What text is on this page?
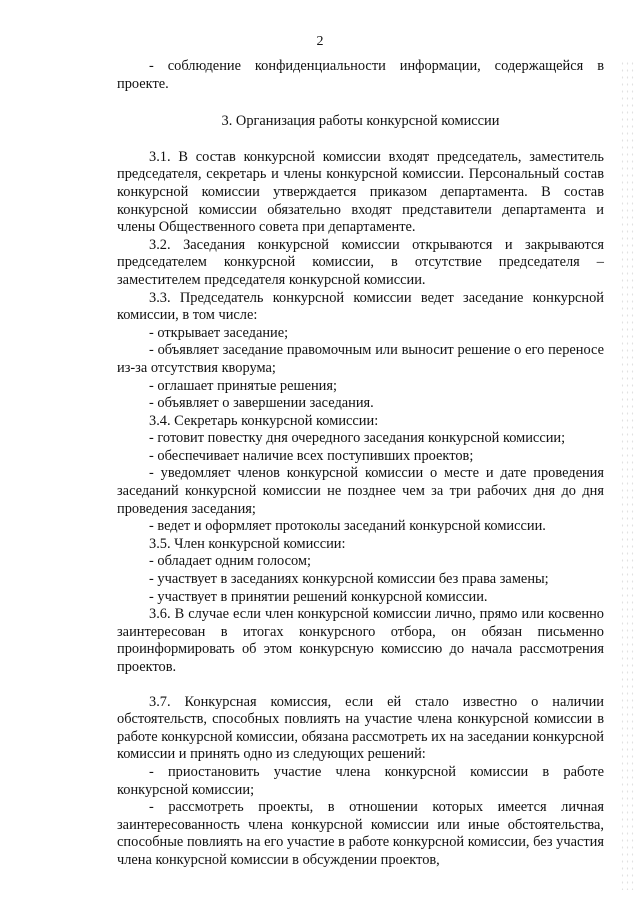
2

- соблюдение конфиденциальности информации, содержащейся в проекте.

3. Организация работы конкурсной комиссии

3.1. В состав конкурсной комиссии входят председатель, заместитель председателя, секретарь и члены конкурсной комиссии. Персональный состав конкурсной комиссии утверждается приказом департамента. В состав конкурсной комиссии обязательно входят представители департамента и члены Общественного совета при департаменте.

3.2. Заседания конкурсной комиссии открываются и закрываются председателем конкурсной комиссии, в отсутствие председателя – заместителем председателя конкурсной комиссии.

3.3. Председатель конкурсной комиссии ведет заседание конкурсной комиссии, в том числе:

- открывает заседание;

- объявляет заседание правомочным или выносит решение о его переносе из-за отсутствия кворума;

- оглашает принятые решения;

- объявляет о завершении заседания.

3.4. Секретарь конкурсной комиссии:

- готовит повестку дня очередного заседания конкурсной комиссии;

- обеспечивает наличие всех поступивших проектов;

- уведомляет членов конкурсной комиссии о месте и дате проведения заседаний конкурсной комиссии не позднее чем за три рабочих дня до дня проведения заседания;

- ведет и оформляет протоколы заседаний конкурсной комиссии.

3.5. Член конкурсной комиссии:

- обладает одним голосом;

- участвует в заседаниях конкурсной комиссии без права замены;

- участвует в принятии решений конкурсной комиссии.

3.6. В случае если член конкурсной комиссии лично, прямо или косвенно заинтересован в итогах конкурсного отбора, он обязан письменно проинформировать об этом конкурсную комиссию до начала рассмотрения проектов.

3.7. Конкурсная комиссия, если ей стало известно о наличии обстоятельств, способных повлиять на участие члена конкурсной комиссии в работе конкурсной комиссии, обязана рассмотреть их на заседании конкурсной комиссии и принять одно из следующих решений:

- приостановить участие члена конкурсной комиссии в работе конкурсной комиссии;

- рассмотреть проекты, в отношении которых имеется личная заинтересованность члена конкурсной комиссии или иные обстоятельства, способные повлиять на его участие в работе конкурсной комиссии, без участия члена конкурсной комиссии в обсуждении проектов,
